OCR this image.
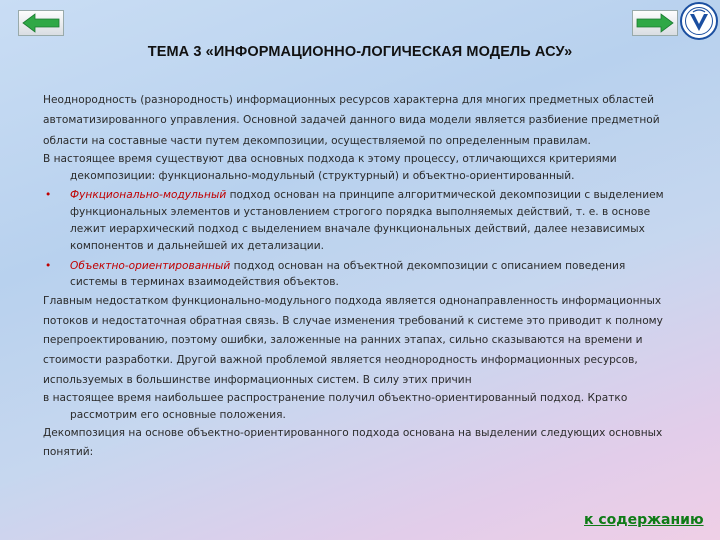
ТЕМА 3 «ИНФОРМАЦИОННО-ЛОГИЧЕСКАЯ МОДЕЛЬ АСУ»

Неоднородность (разнородность) информационных ресурсов характерна для многих предметных областей автоматизированного управления. Основной задачей данного вида модели является разбиение предметной области на составные части путем декомпозиции, осуществляемой по определенным правилам.

В настоящее время существуют два основных подхода к этому процессу, отличающихся критериями декомпозиции: функционально-модульный (структурный) и объектно-ориентированный.

• Функционально-модульный подход основан на принципе алгоритмической декомпозиции с выделением функциональных элементов и установлением строгого порядка выполняемых действий, т. е. в основе лежит иерархический подход с выделением вначале функциональных действий, далее независимых компонентов и дальнейшей их детализации.
• Объектно-ориентированный подход основан на объектной декомпозиции с описанием поведения системы в терминах взаимодействия объектов.

Главным недостатком функционально-модульного подхода является однонаправленность информационных потоков и недостаточная обратная связь. В случае изменения требований к системе это приводит к полному перепроектированию, поэтому ошибки, заложенные на ранних этапах, сильно сказываются на времени и стоимости разработки. Другой важной проблемой является неоднородность информационных ресурсов, используемых в большинстве информационных систем. В силу этих причин

в настоящее время наибольшее распространение получил объектно-ориентированный подход. Кратко рассмотрим его основные положения.

Декомпозиция на основе объектно-ориентированного подхода основана на выделении следующих основных понятий:

к содержанию
